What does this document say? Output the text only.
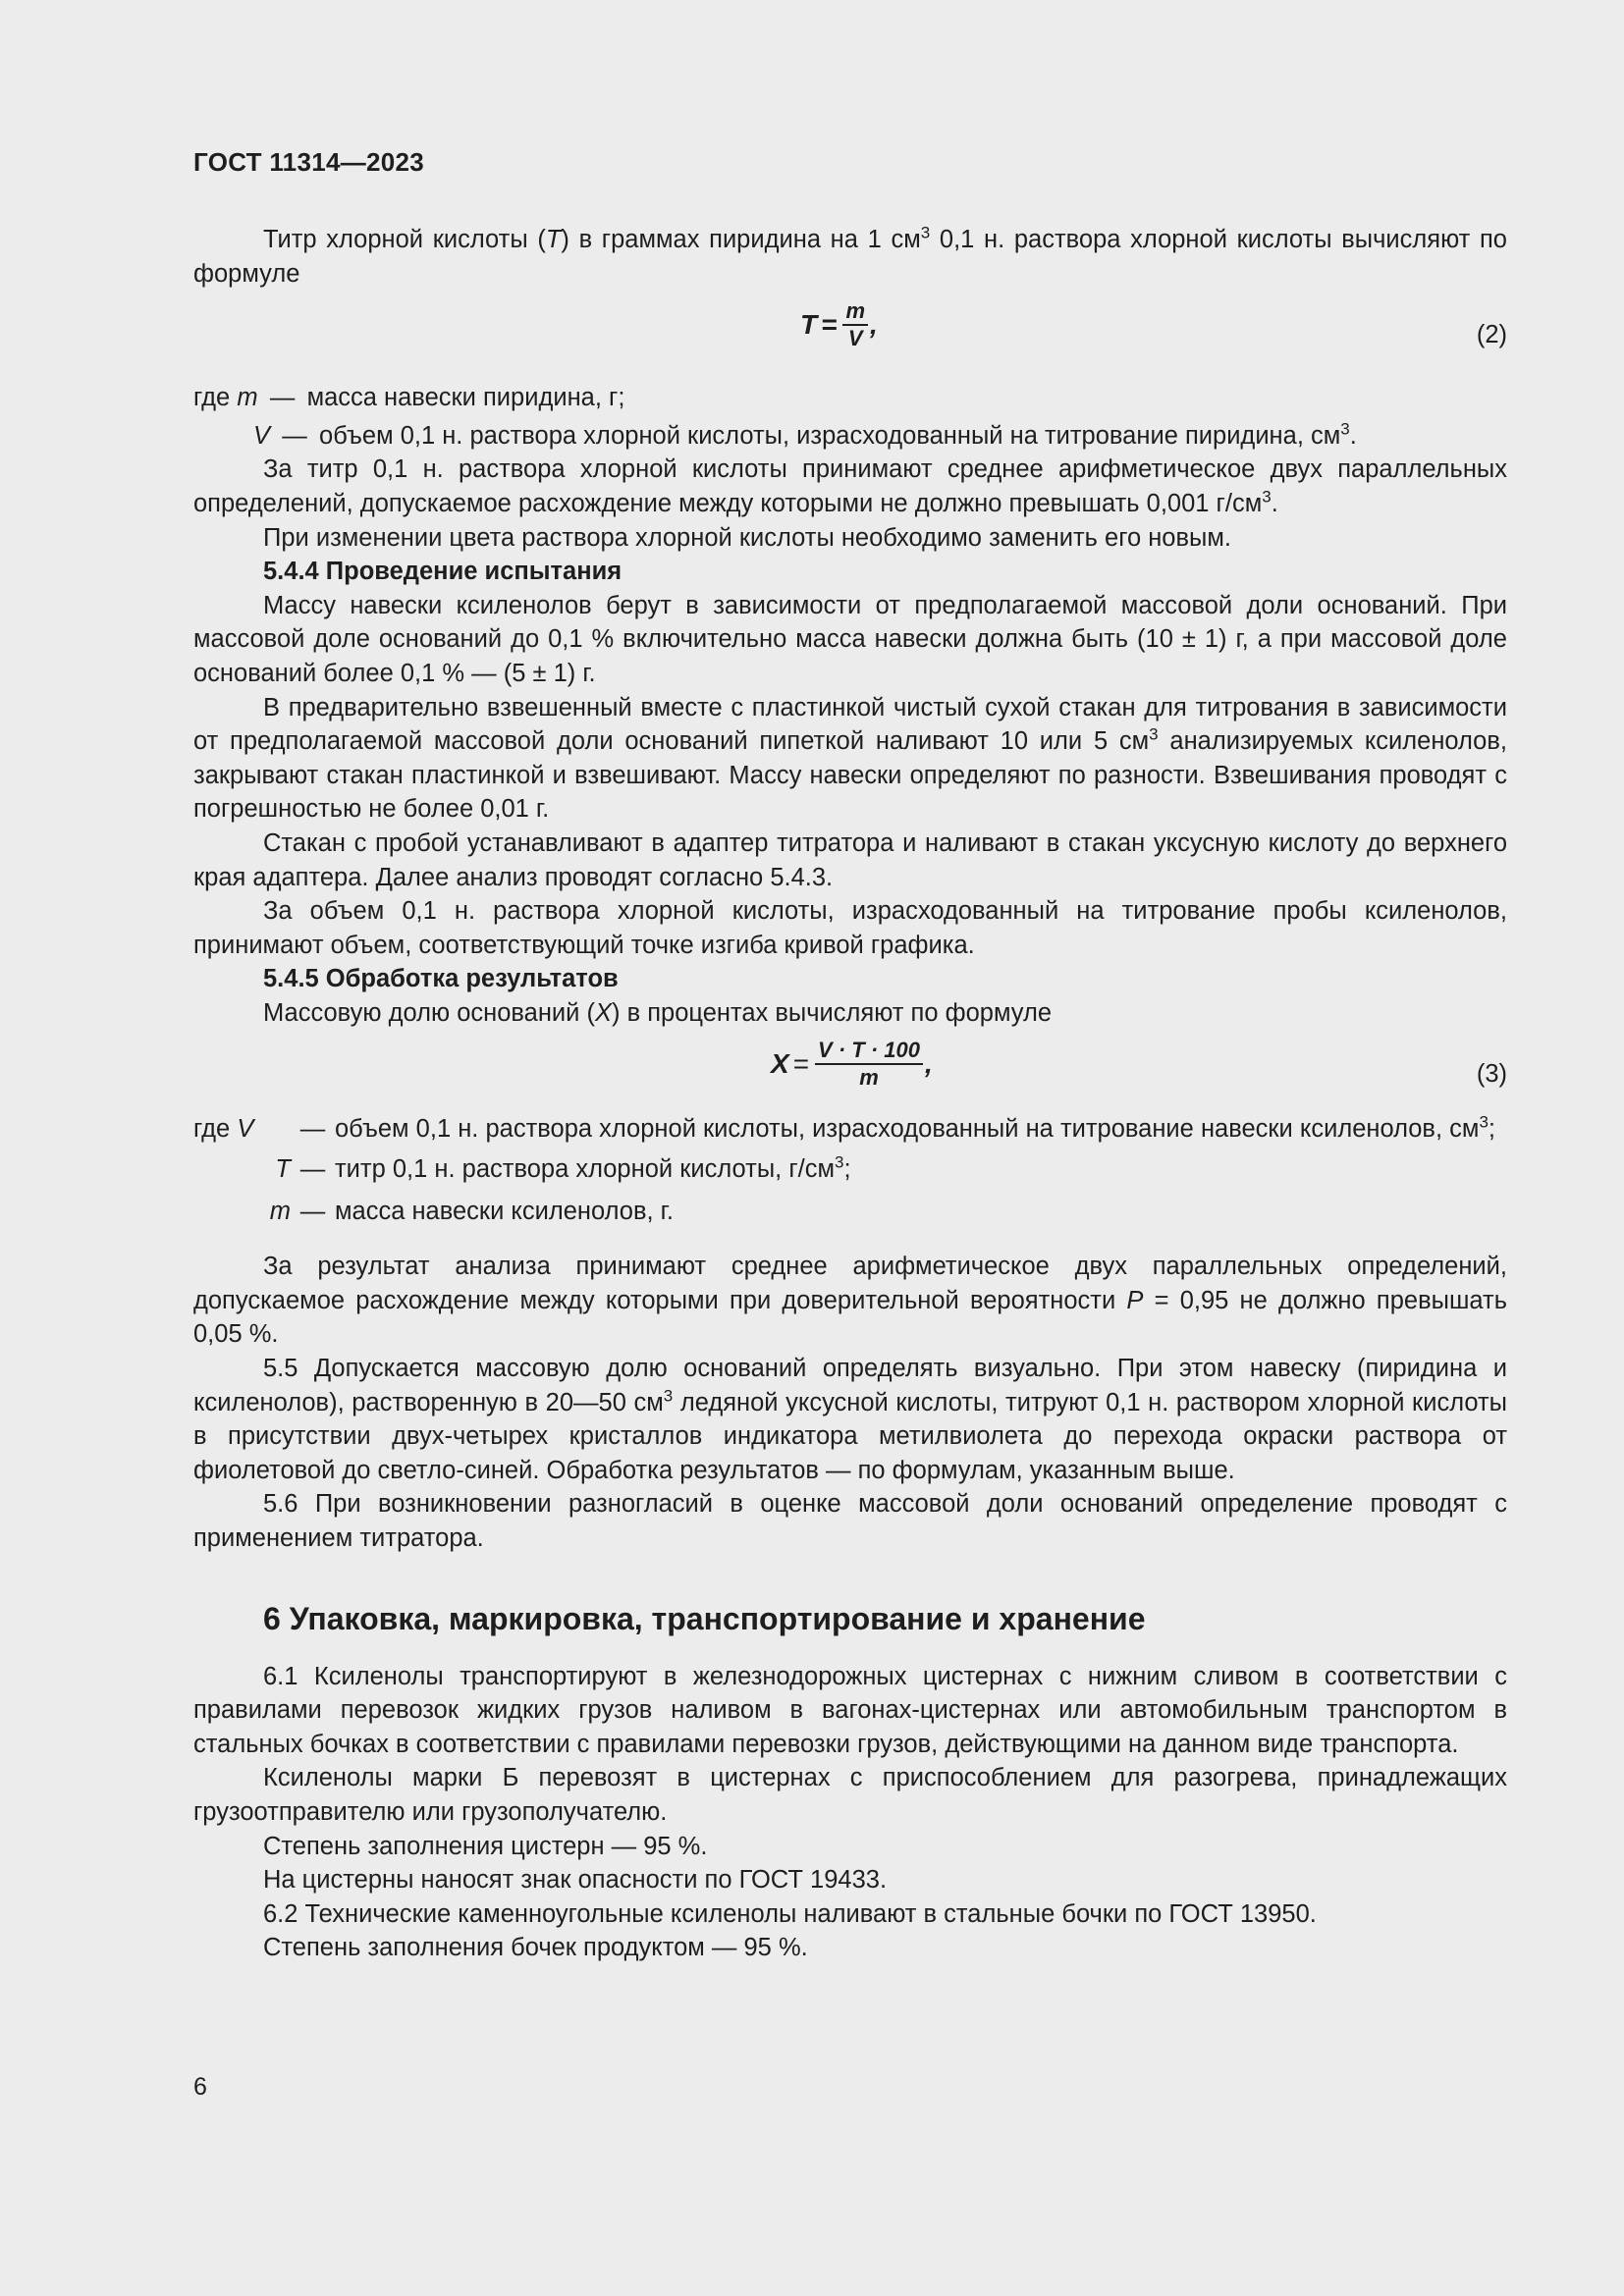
ГОСТ 11314—2023

Титр хлорной кислоты (Т) в граммах пиридина на 1 $см^3$ 0,1 н. раствора хлорной кислоты вычисляют по формуле

$Т = \frac{m}{V}$ ,	(2)
где
m — масса навески пиридина, г;
V — объем 0,1 н. раствора хлорной кислоты, израсходованный на титрование пиридина, $см^3$.

За титр 0,1 н. раствора хлорной кислоты принимают среднее арифметическое двух параллельных определений, допускаемое расхождение между которыми не должно превышать 0,001 $г/см^3$.

При изменении цвета раствора хлорной кислоты необходимо заменить его новым.

5.4.4 Проведение испытания

Массу навески ксиленолов берут в зависимости от предполагаемой массовой доли оснований. При массовой доле оснований до 0,1 % включительно масса навески должна быть (10 ± 1) г, а при массовой доле оснований более 0,1 % — (5 ± 1) г.

В предварительно взвешенный вместе с пластинкой чистый сухой стакан для титрования в зависимости от предполагаемой массовой доли оснований пипеткой наливают 10 или 5 $см^3$ анализируемых ксиленолов, закрывают стакан пластинкой и взвешивают. Массу навески определяют по разности. Взвешивания проводят с погрешностью не более 0,01 г.

Стакан с пробой устанавливают в адаптер титратора и наливают в стакан уксусную кислоту до верхнего края адаптера. Далее анализ проводят согласно 5.4.3.

За объем 0,1 н. раствора хлорной кислоты, израсходованный на титрование пробы ксиленолов, принимают объем, соответствующий точке изгиба кривой графика.

5.4.5 Обработка результатов

Массовую долю оснований (X) в процентах вычисляют по формуле

$X = \frac{V \cdot T \cdot 100}{m}$ ,	(3)
где V	— объем 0,1 н. раствора хлорной кислоты, израсходованный на титрование навески ксиленолов, $см^3$;
T — титр 0,1 н. раствора хлорной кислоты, $г/см^3$;
m — масса навески ксиленолов, г.

За результат анализа принимают среднее арифметическое двух параллельных определений, допускаемое расхождение между которыми при доверительной вероятности Р = 0,95 не должно превышать 0,05 %.

5.5 Допускается массовую долю оснований определять визуально. При этом навеску (пиридина и ксиленолов), растворенную в 20—50 $см^3$ ледяной уксусной кислоты, титруют 0,1 н. раствором хлорной кислоты в присутствии двух-четырех кристаллов индикатора метилвиолета до перехода окраски раствора от фиолетовой до светло-синей. Обработка результатов — по формулам, указанным выше.

5.6 При возникновении разногласий в оценке массовой доли оснований определение проводят с применением титратора.

6 Упаковка, маркировка, транспортирование и хранение

6.1 Ксиленолы транспортируют в железнодорожных цистернах с нижним сливом в соответствии с правилами перевозок жидких грузов наливом в вагонах-цистернах или автомобильным транспортом в стальных бочках в соответствии с правилами перевозки грузов, действующими на данном виде транспорта.

Ксиленолы марки Б перевозят в цистернах с приспособлением для разогрева, принадлежащих грузоотправителю или грузополучателю.

Степень заполнения цистерн — 95 %.

На цистерны наносят знак опасности по ГОСТ 19433.

6.2 Технические каменноугольные ксиленолы наливают в стальные бочки по ГОСТ 13950.

Степень заполнения бочек продуктом — 95 %.

6
